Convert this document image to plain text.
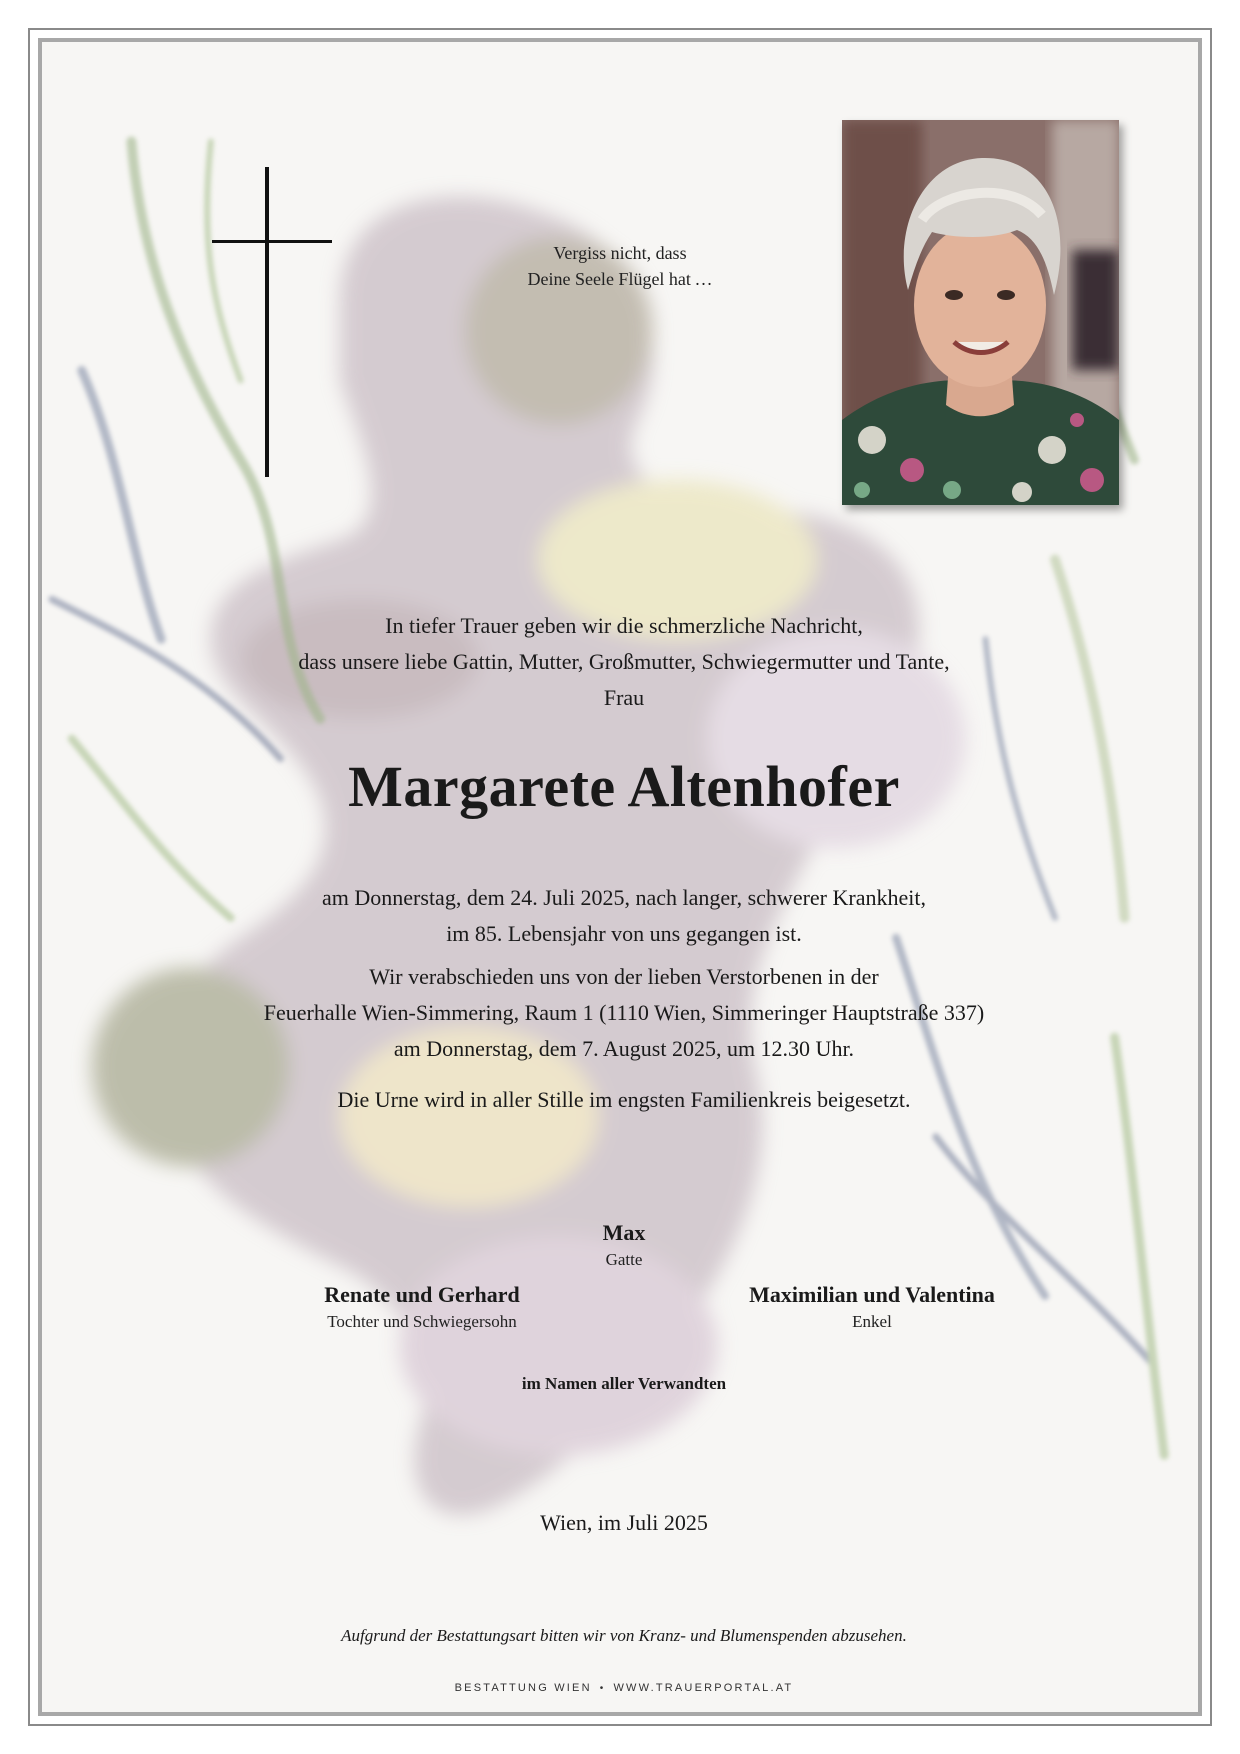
Vergiss nicht, dass
Deine Seele Flügel hat …
In tiefer Trauer geben wir die schmerzliche Nachricht,
dass unsere liebe Gattin, Mutter, Großmutter, Schwiegermutter und Tante,
Frau
Margarete Altenhofer
am Donnerstag, dem 24. Juli 2025, nach langer, schwerer Krankheit,
im 85. Lebensjahr von uns gegangen ist.
Wir verabschieden uns von der lieben Verstorbenen in der
Feuerhalle Wien-Simmering, Raum 1 (1110 Wien, Simmeringer Hauptstraße 337)
am Donnerstag, dem 7. August 2025, um 12.30 Uhr.
Die Urne wird in aller Stille im engsten Familienkreis beigesetzt.
Max
Gatte
Renate und Gerhard
Tochter und Schwiegersohn
Maximilian und Valentina
Enkel
im Namen aller Verwandten
Wien, im Juli 2025
Aufgrund der Bestattungsart bitten wir von Kranz- und Blumenspenden abzusehen.
BESTATTUNG WIEN • WWW.TRAUERPORTAL.AT
